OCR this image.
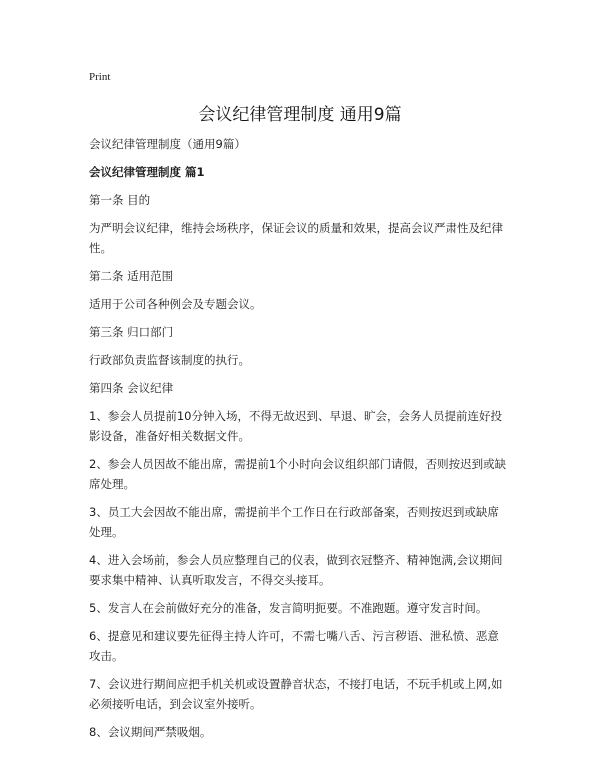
Print
会议纪律管理制度 通用9篇

会议纪律管理制度（通用9篇）

会议纪律管理制度 篇1

第一条 目的

为严明会议纪律，维持会场秩序，保证会议的质量和效果，提高会议严肃性及纪律性。

第二条 适用范围

适用于公司各种例会及专题会议。

第三条 归口部门

行政部负责监督该制度的执行。

第四条 会议纪律

1、参会人员提前10分钟入场，不得无故迟到、早退、旷会，会务人员提前连好投影设备，准备好相关数据文件。

2、参会人员因故不能出席，需提前1个小时向会议组织部门请假，否则按迟到或缺席处理。

3、员工大会因故不能出席，需提前半个工作日在行政部备案，否则按迟到或缺席处理。

4、进入会场前，参会人员应整理自己的仪表，做到衣冠整齐、精神饱满,会议期间要求集中精神、认真听取发言，不得交头接耳。

5、发言人在会前做好充分的准备，发言简明扼要。不准跑题。遵守发言时间。

6、提意见和建议要先征得主持人许可，不需七嘴八舌、污言秽语、泄私愤、恶意攻击。

7、会议进行期间应把手机关机或设置静音状态，不接打电话，不玩手机或上网,如必须接听电话，到会议室外接听。

8、会议期间严禁吸烟。
